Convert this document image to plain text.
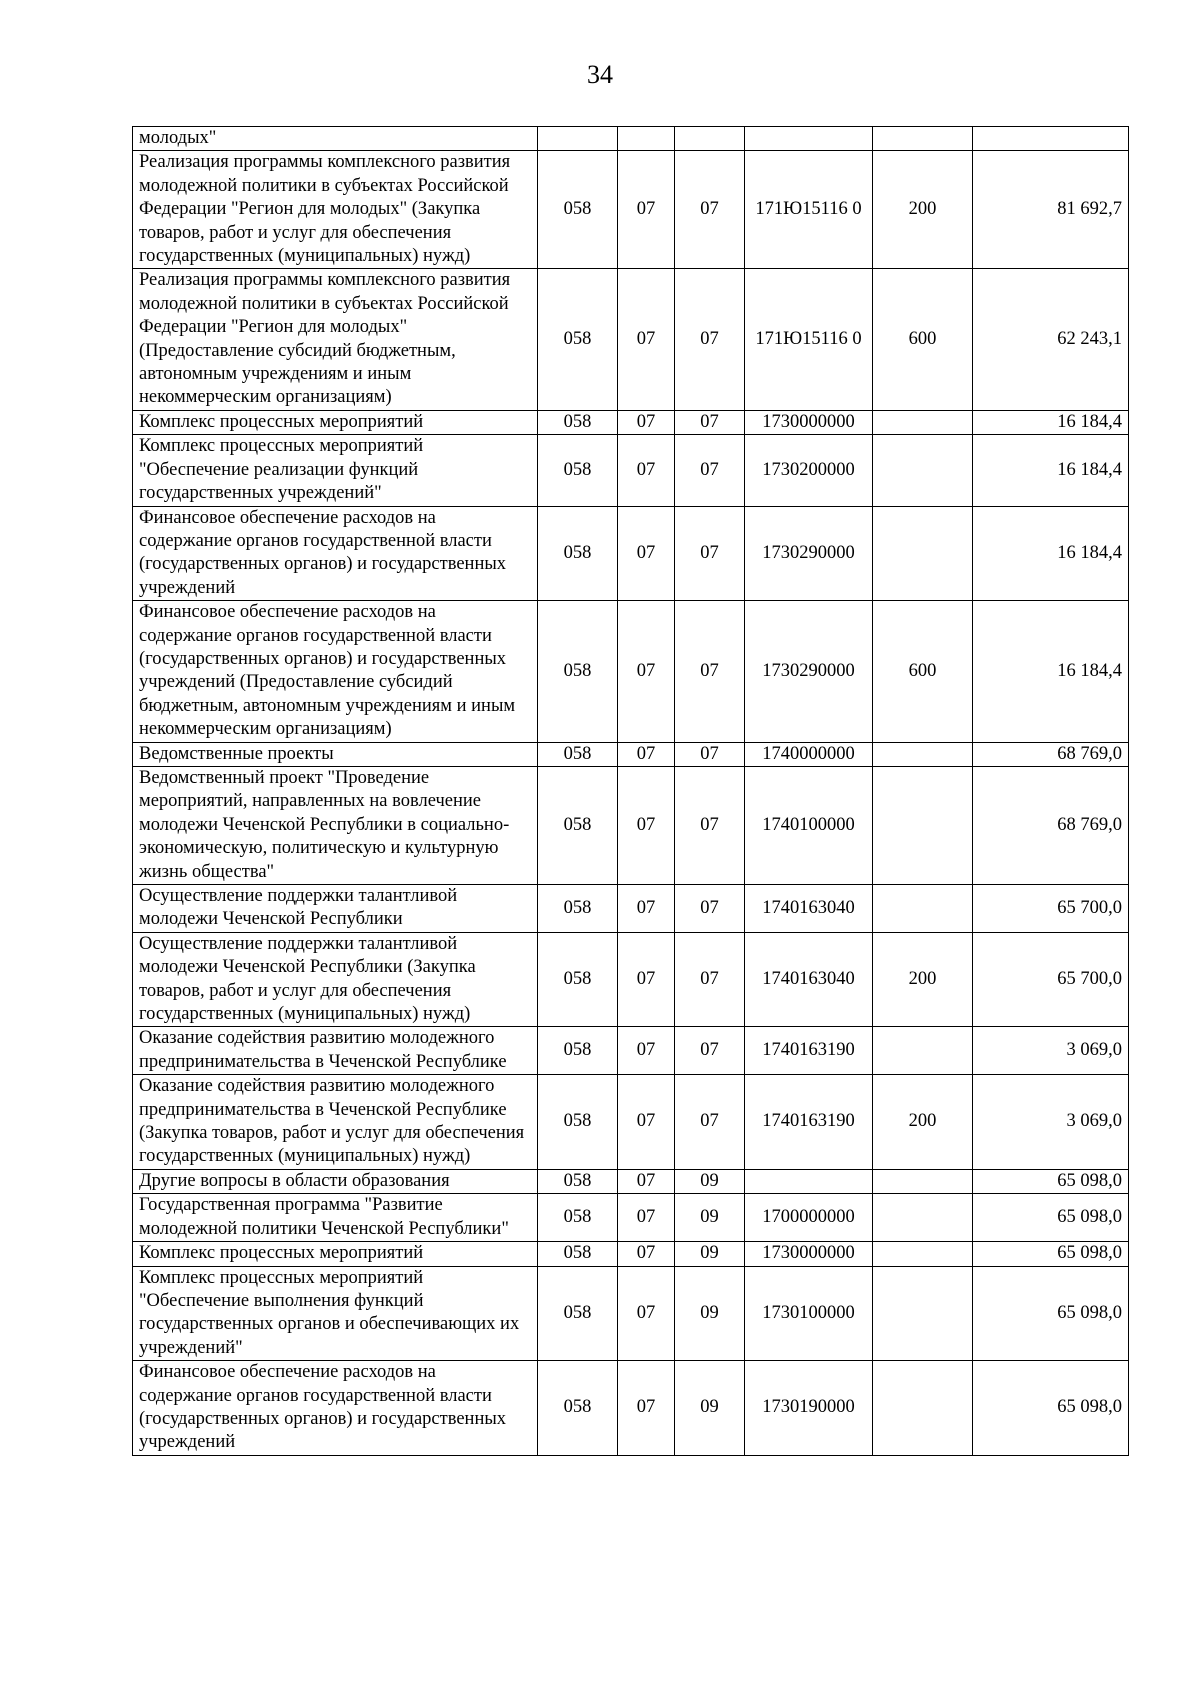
34
молодых"						
Реализация программы комплексного развития молодежной политики в субъектах Российской Федерации "Регион для молодых" (Закупка товаров, работ и услуг для обеспечения государственных (муниципальных) нужд)	058	07	07	171Ю15116 0	200	81 692,7
Реализация программы комплексного развития молодежной политики в субъектах Российской Федерации "Регион для молодых" (Предоставление субсидий бюджетным, автономным учреждениям и иным некоммерческим организациям)	058	07	07	171Ю15116 0	600	62 243,1
Комплекс процессных мероприятий	058	07	07	1730000000		16 184,4
Комплекс процессных мероприятий "Обеспечение реализации функций государственных учреждений"	058	07	07	1730200000		16 184,4
Финансовое обеспечение расходов на содержание органов государственной власти (государственных органов) и государственных учреждений	058	07	07	1730290000		16 184,4
Финансовое обеспечение расходов на содержание органов государственной власти (государственных органов) и государственных учреждений (Предоставление субсидий бюджетным, автономным учреждениям и иным некоммерческим организациям)	058	07	07	1730290000	600	16 184,4
Ведомственные проекты	058	07	07	1740000000		68 769,0
Ведомственный проект "Проведение мероприятий, направленных на вовлечение молодежи Чеченской Республики в социально-экономическую, политическую и культурную жизнь общества"	058	07	07	1740100000		68 769,0
Осуществление поддержки талантливой молодежи Чеченской Республики	058	07	07	1740163040		65 700,0
Осуществление поддержки талантливой молодежи Чеченской Республики (Закупка товаров, работ и услуг для обеспечения государственных (муниципальных) нужд)	058	07	07	1740163040	200	65 700,0
Оказание содействия развитию молодежного предпринимательства в Чеченской Республике	058	07	07	1740163190		3 069,0
Оказание содействия развитию молодежного предпринимательства в Чеченской Республике (Закупка товаров, работ и услуг для обеспечения государственных (муниципальных) нужд)	058	07	07	1740163190	200	3 069,0
Другие вопросы в области образования	058	07	09			65 098,0
Государственная программа "Развитие молодежной политики Чеченской Республики"	058	07	09	1700000000		65 098,0
Комплекс процессных мероприятий	058	07	09	1730000000		65 098,0
Комплекс процессных мероприятий "Обеспечение выполнения функций государственных органов и обеспечивающих их учреждений"	058	07	09	1730100000		65 098,0
Финансовое обеспечение расходов на содержание органов государственной власти (государственных органов) и государственных учреждений	058	07	09	1730190000		65 098,0
